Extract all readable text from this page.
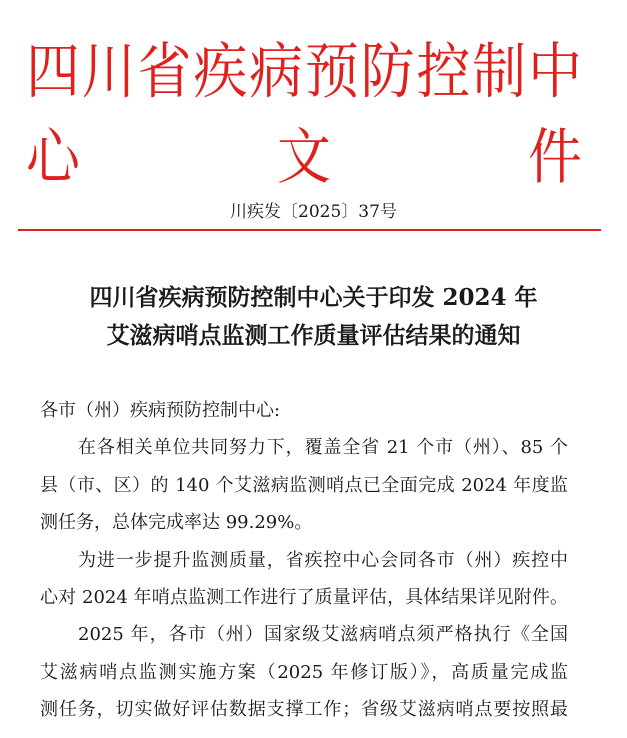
四川省疾病预防控制中心文件
川疾发〔2025〕37号
四川省疾病预防控制中心关于印发 2024 年
艾滋病哨点监测工作质量评估结果的通知
各市（州）疾病预防控制中心:
在各相关单位共同努力下，覆盖全省 21 个市（州）、85 个
县（市、区）的 140 个艾滋病监测哨点已全面完成 2024 年度监
测任务，总体完成率达 99.29%。
为进一步提升监测质量，省疾控中心会同各市（州）疾控中
心对 2024 年哨点监测工作进行了质量评估，具体结果详见附件。
2025 年，各市（州）国家级艾滋病哨点须严格执行《全国
艾滋病哨点监测实施方案（2025 年修订版）》，高质量完成监
测任务，切实做好评估数据支撑工作；省级艾滋病哨点要按照最
